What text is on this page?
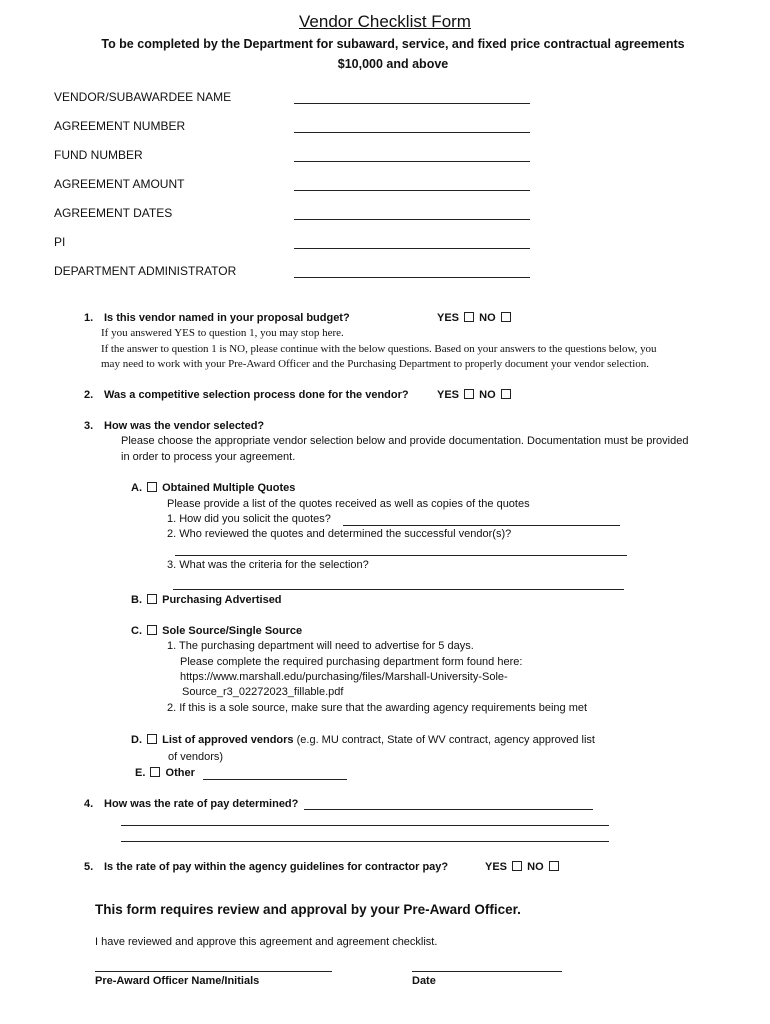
Vendor Checklist Form
To be completed by the Department for subaward, service, and fixed price contractual agreements
$10,000 and above
VENDOR/SUBAWARDEE NAME
AGREEMENT NUMBER
FUND NUMBER
AGREEMENT AMOUNT
AGREEMENT DATES
PI
DEPARTMENT ADMINISTRATOR
1. Is this vendor named in your proposal budget?	YES NO
If you answered YES to question 1, you may stop here.
If the answer to question 1 is NO, please continue with the below questions. Based on your answers to the questions below, you
may need to work with your Pre-Award Officer and the Purchasing Department to properly document your vendor selection.
2. Was a competitive selection process done for the vendor?	YES NO
3. How was the vendor selected?
Please choose the appropriate vendor selection below and provide documentation. Documentation must be provided
in order to process your agreement.
A. Obtained Multiple Quotes
Please provide a list of the quotes received as well as copies of the quotes
1. How did you solicit the quotes?
2. Who reviewed the quotes and determined the successful vendor(s)?
3. What was the criteria for the selection?
B. Purchasing Advertised
C. Sole Source/Single Source
1. The purchasing department will need to advertise for 5 days.
Please complete the required purchasing department form found here:
https://www.marshall.edu/purchasing/files/Marshall-University-Sole-
Source_r3_02272023_fillable.pdf
2. If this is a sole source, make sure that the awarding agency requirements being met
D. List of approved vendors (e.g. MU contract, State of WV contract, agency approved list
of vendors)
E. Other
4. How was the rate of pay determined?
5. Is the rate of pay within the agency guidelines for contractor pay?	YES NO
This form requires review and approval by your Pre-Award Officer.
I have reviewed and approve this agreement and agreement checklist.
Pre-Award Officer Name/Initials	Date
